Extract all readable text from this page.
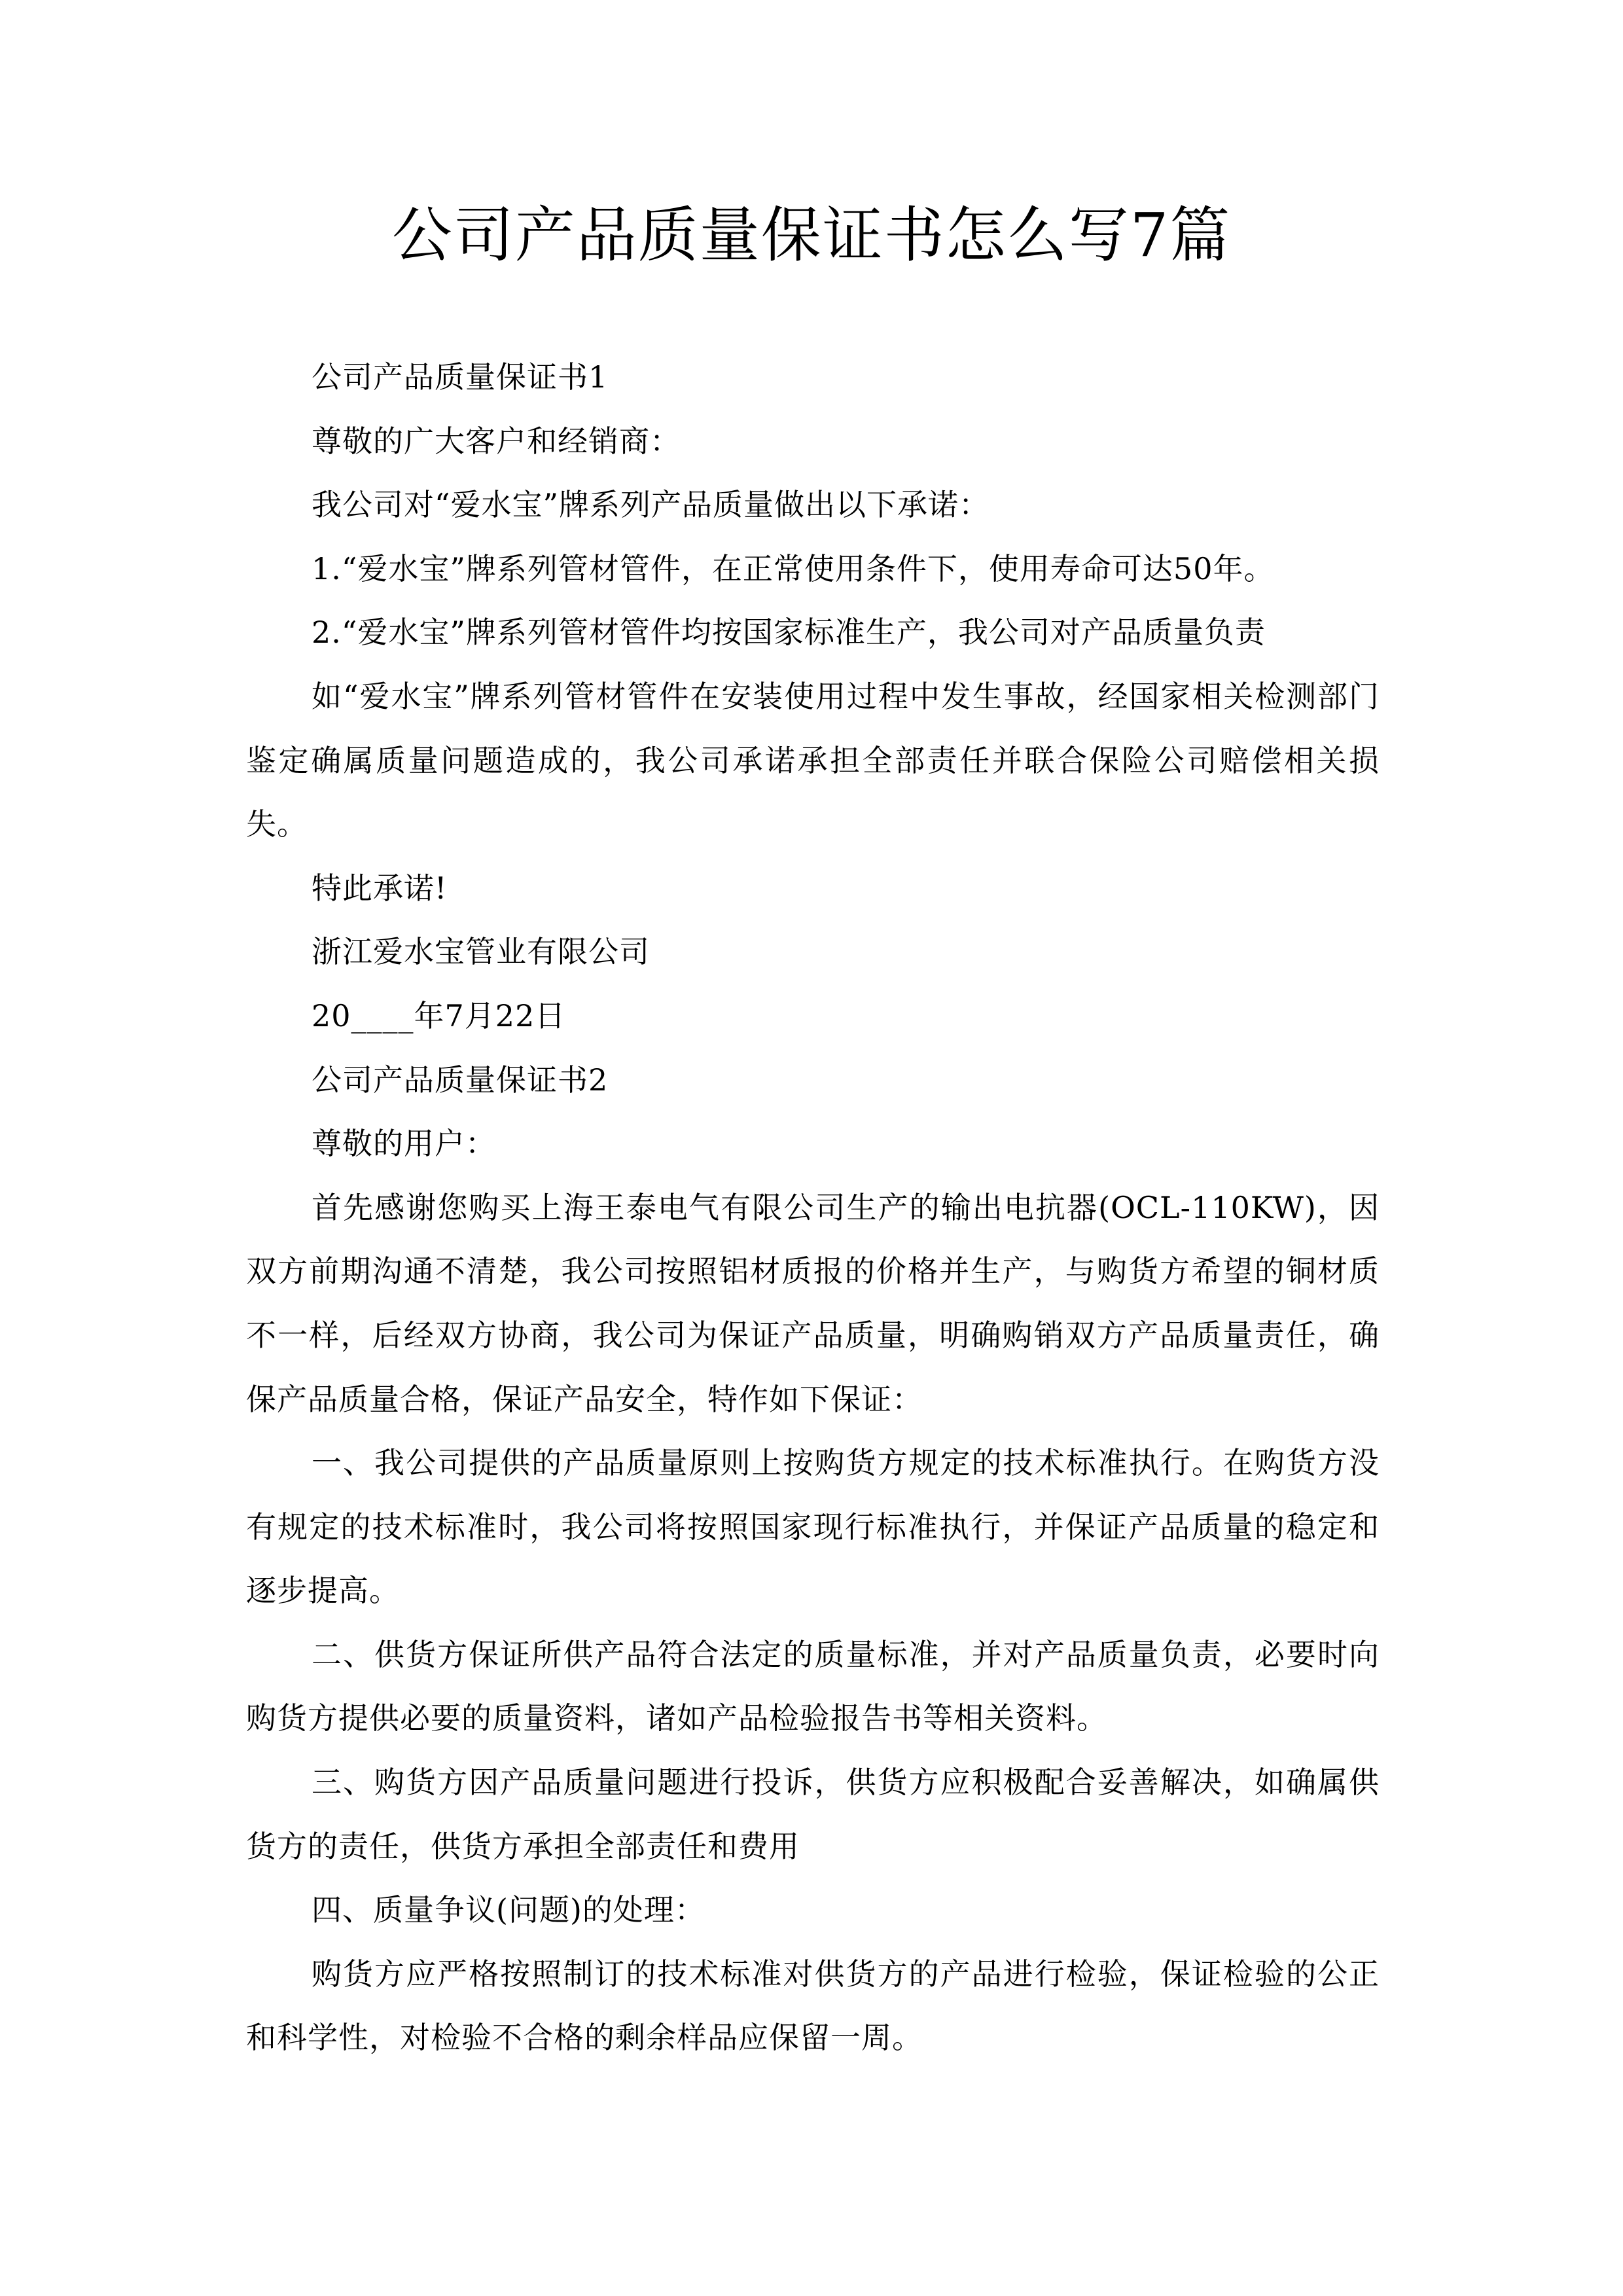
公司产品质量保证书怎么写7篇

公司产品质量保证书1

尊敬的广大客户和经销商：

我公司对“爱水宝”牌系列产品质量做出以下承诺：

1.“爱水宝”牌系列管材管件，在正常使用条件下，使用寿命可达50年。

2.“爱水宝”牌系列管材管件均按国家标准生产，我公司对产品质量负责

如“爱水宝”牌系列管材管件在安装使用过程中发生事故，经国家相关检测部门鉴定确属质量问题造成的，我公司承诺承担全部责任并联合保险公司赔偿相关损失。

特此承诺!

浙江爱水宝管业有限公司

20____年7月22日

公司产品质量保证书2

尊敬的用户：

首先感谢您购买上海王泰电气有限公司生产的输出电抗器(OCL-110KW)，因双方前期沟通不清楚，我公司按照铝材质报的价格并生产，与购货方希望的铜材质不一样，后经双方协商，我公司为保证产品质量，明确购销双方产品质量责任，确保产品质量合格，保证产品安全，特作如下保证：

一、我公司提供的产品质量原则上按购货方规定的技术标准执行。在购货方没有规定的技术标准时，我公司将按照国家现行标准执行，并保证产品质量的稳定和逐步提高。

二、供货方保证所供产品符合法定的质量标准，并对产品质量负责，必要时向购货方提供必要的质量资料，诸如产品检验报告书等相关资料。

三、购货方因产品质量问题进行投诉，供货方应积极配合妥善解决，如确属供货方的责任，供货方承担全部责任和费用

四、质量争议(问题)的处理：

购货方应严格按照制订的技术标准对供货方的产品进行检验，保证检验的公正和科学性，对检验不合格的剩余样品应保留一周。
